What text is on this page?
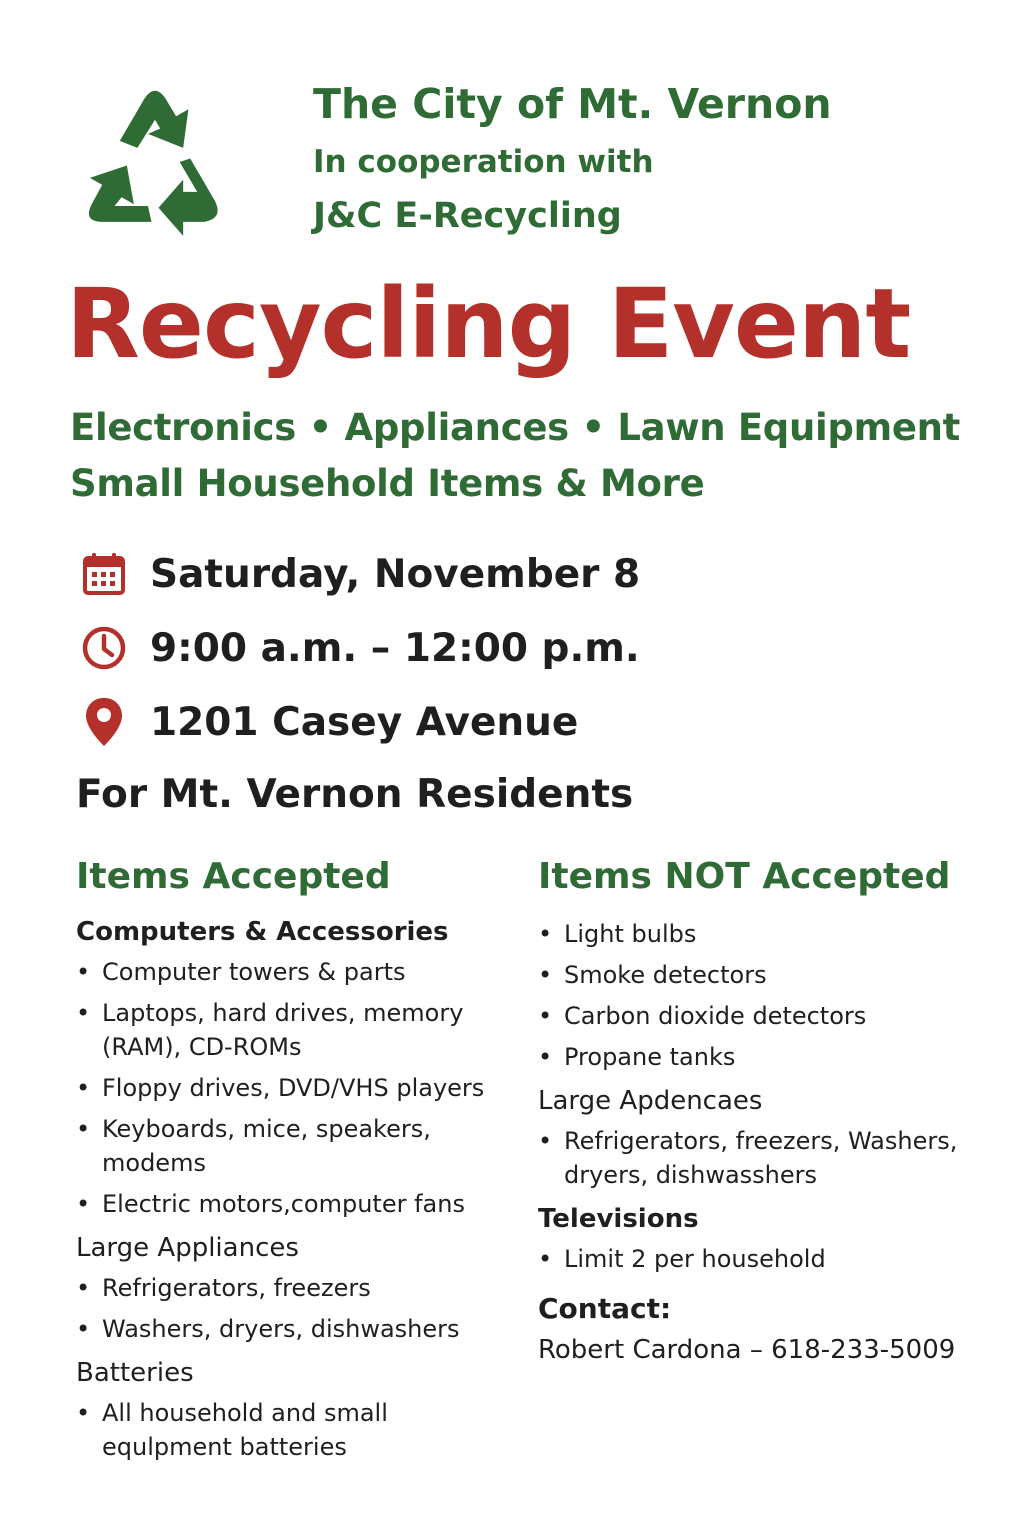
The City of Mt. Vernon
In cooperation with
J&C E-Recycling
Recycling Event
Electronics • Appliances • Lawn Equipment
Small Household Items & More
Saturday, November 8
9:00 a.m. – 12:00 p.m.
1201 Casey Avenue
For Mt. Vernon Residents
Items Accepted
Computers & Accessories
• Computer towers & parts
• Laptops, hard drives, memory (RAM), CD-ROMs
• Floppy drives, DVD/VHS players
• Keyboards, mice, speakers, modems
• Electric motors,computer fans
Large Appliances
• Refrigerators, freezers
• Washers, dryers, dishwashers
Batteries
• All household and small equlpment batteries
Items NOT Accepted
• Light bulbs
• Smoke detectors
• Carbon dioxide detectors
• Propane tanks
Large Apdencaes
• Refrigerators, freezers, Washers, dryers, dishwasshers
Televisions
• Limit 2 per household
Contact:
Robert Cardona – 618-233-5009
